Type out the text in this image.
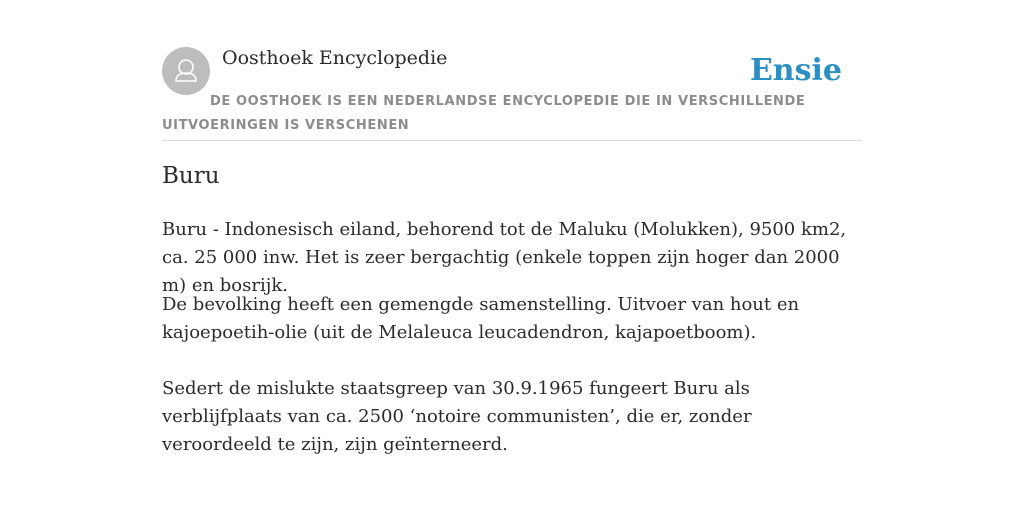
Oosthoek Encyclopedie	Ensie
DE OOSTHOEK IS EEN NEDERLANDSE ENCYCLOPEDIE DIE IN VERSCHILLENDE UITVOERINGEN IS VERSCHENEN
Buru

Buru - Indonesisch eiland, behorend tot de Maluku (Molukken), 9500 km2, ca. 25 000 inw. Het is zeer bergachtig (enkele toppen zijn hoger dan 2000 m) en bosrijk.

De bevolking heeft een gemengde samenstelling. Uitvoer van hout en kajoepoetih-olie (uit de Melaleuca leucadendron, kajapoetboom).

Sedert de mislukte staatsgreep van 30.9.1965 fungeert Buru als verblijfplaats van ca. 2500 ‘notoire communisten’, die er, zonder veroordeeld te zijn, zijn geïnterneerd.
